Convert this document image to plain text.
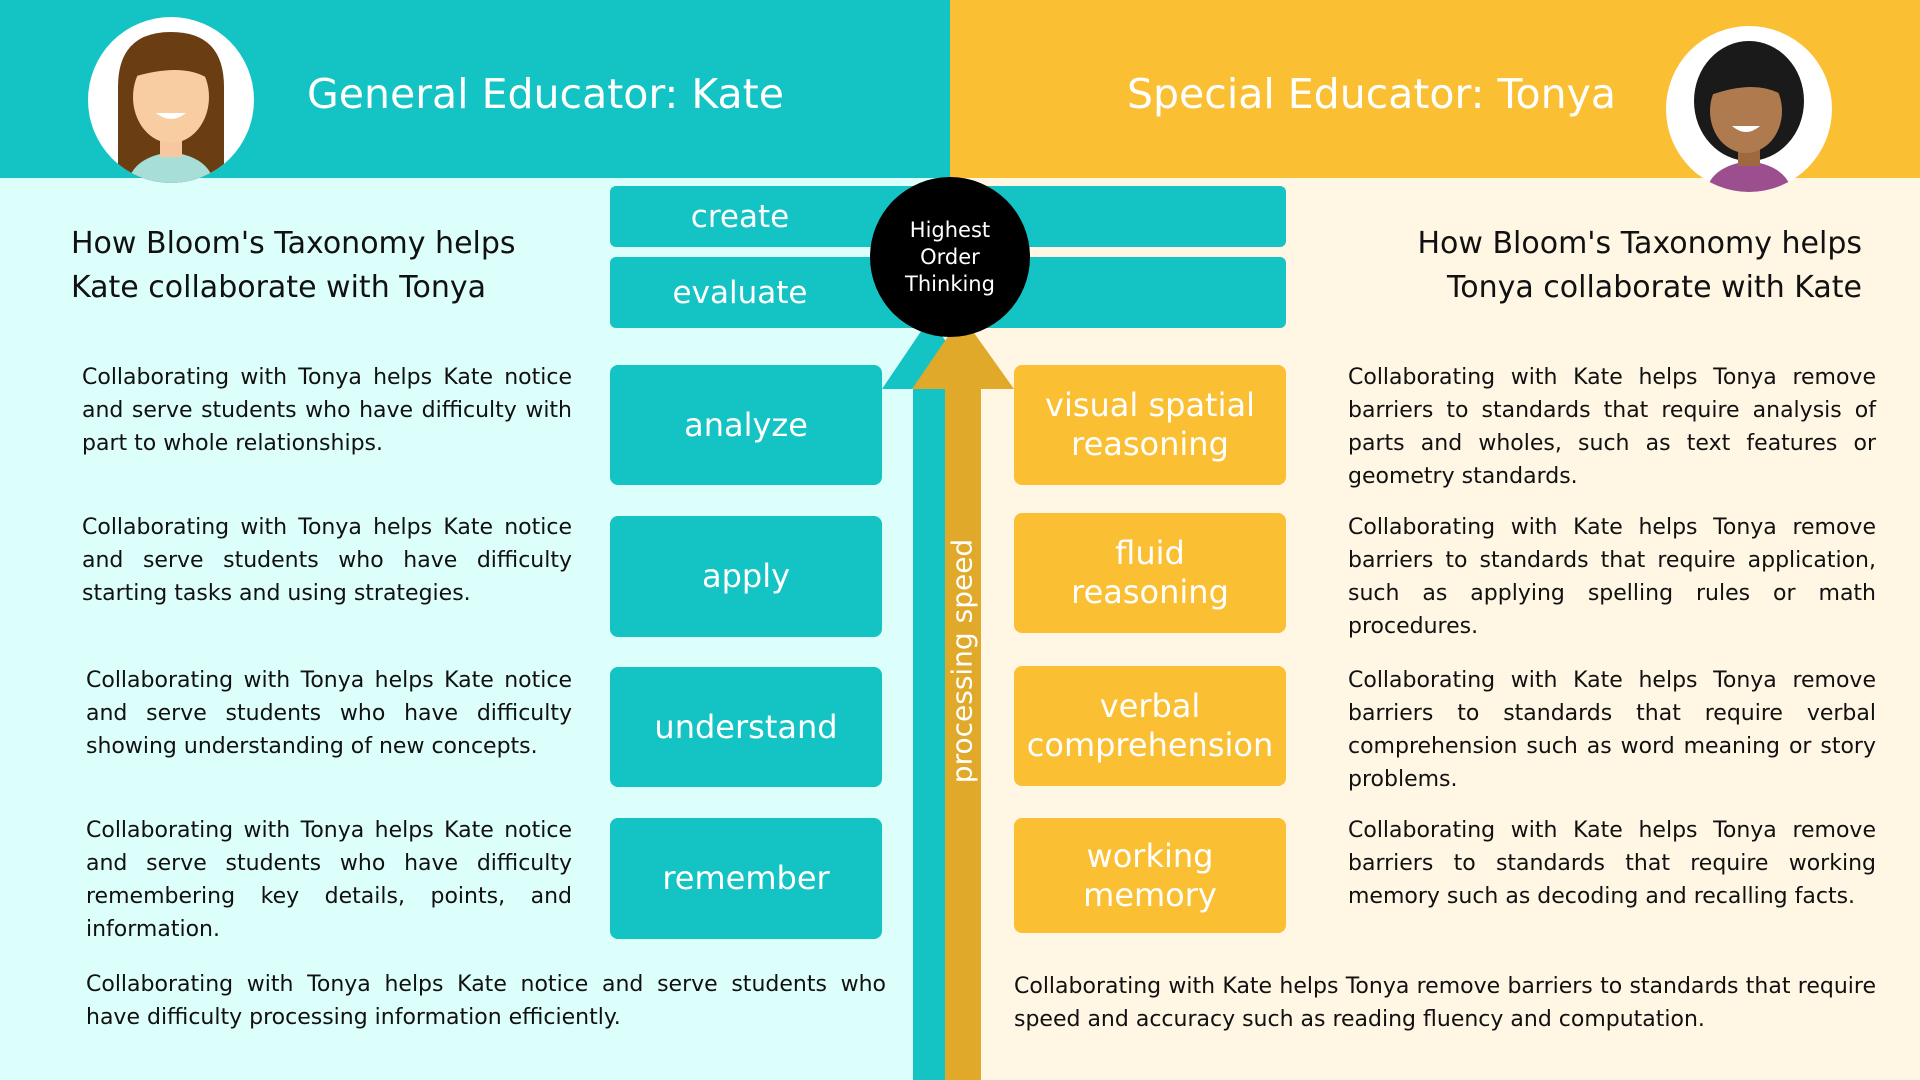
General Educator: Kate	Special Educator: Tonya
create
evaluate
Highest
Order
Thinking
processing speed
How Bloom's Taxonomy helps
Kate collaborate with Tonya
How Bloom's Taxonomy helps
Tonya collaborate with Kate
Collaborating with Tonya helps Kate notice and serve students who have difficulty with part to whole relationships.
Collaborating with Tonya helps Kate notice and serve students who have difficulty starting tasks and using strategies.
Collaborating with Tonya helps Kate notice and serve students who have difficulty showing understanding of new concepts.
Collaborating with Tonya helps Kate notice and serve students who have difficulty remembering key details, points, and information.
analyze
apply
understand
remember
visual spatial
reasoning
fluid
reasoning
verbal
comprehension
working
memory
Collaborating with Kate helps Tonya remove barriers to standards that require analysis of parts and wholes, such as text features or geometry standards.
Collaborating with Kate helps Tonya remove barriers to standards that require application, such as applying spelling rules or math procedures.
Collaborating with Kate helps Tonya remove barriers to standards that require verbal comprehension such as word meaning or story problems.
Collaborating with Kate helps Tonya remove barriers to standards that require working memory such as decoding and recalling facts.
Collaborating with Tonya helps Kate notice and serve students who have difficulty processing information efficiently.
Collaborating with Kate helps Tonya remove barriers to standards that require speed and accuracy such as reading fluency and computation.
